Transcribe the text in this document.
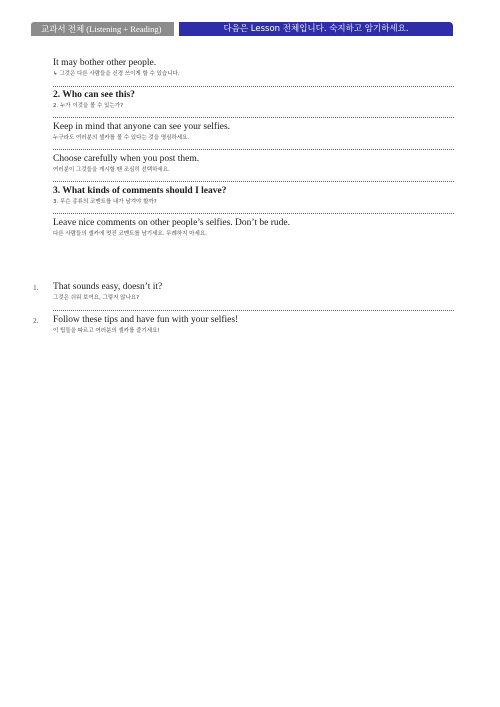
교과서 전체 (Listening + Reading)	다음은 Lesson 전체입니다. 숙지하고 암기하세요.
It may bother other people.
↳ 그것은 다른 사람들을 신경 쓰이게 할 수 있습니다.
2. Who can see this?
2. 누가 이것을 볼 수 있는가?
Keep in mind that anyone can see your selfies.
누구라도 여러분의 셀카를 볼 수 있다는 것을 명심하세요.
Choose carefully when you post them.
여러분이 그것들을 게시할 땐 조심히 선택하세요.
3. What kinds of comments should I leave?
3. 무슨 종류의 코멘트를 내가 남겨야 할까?
Leave nice comments on other people’s selfies. Don’t be rude.
다른 사람들의 셀카에 멋진 코멘트를 남기세요. 무례하지 마세요.
1. That sounds easy, doesn’t it?
그것은 쉬워 보여요, 그렇지 않나요?
2. Follow these tips and have fun with your selfies!
이 팁들을 따르고 여러분의 셀카를 즐기세요!
